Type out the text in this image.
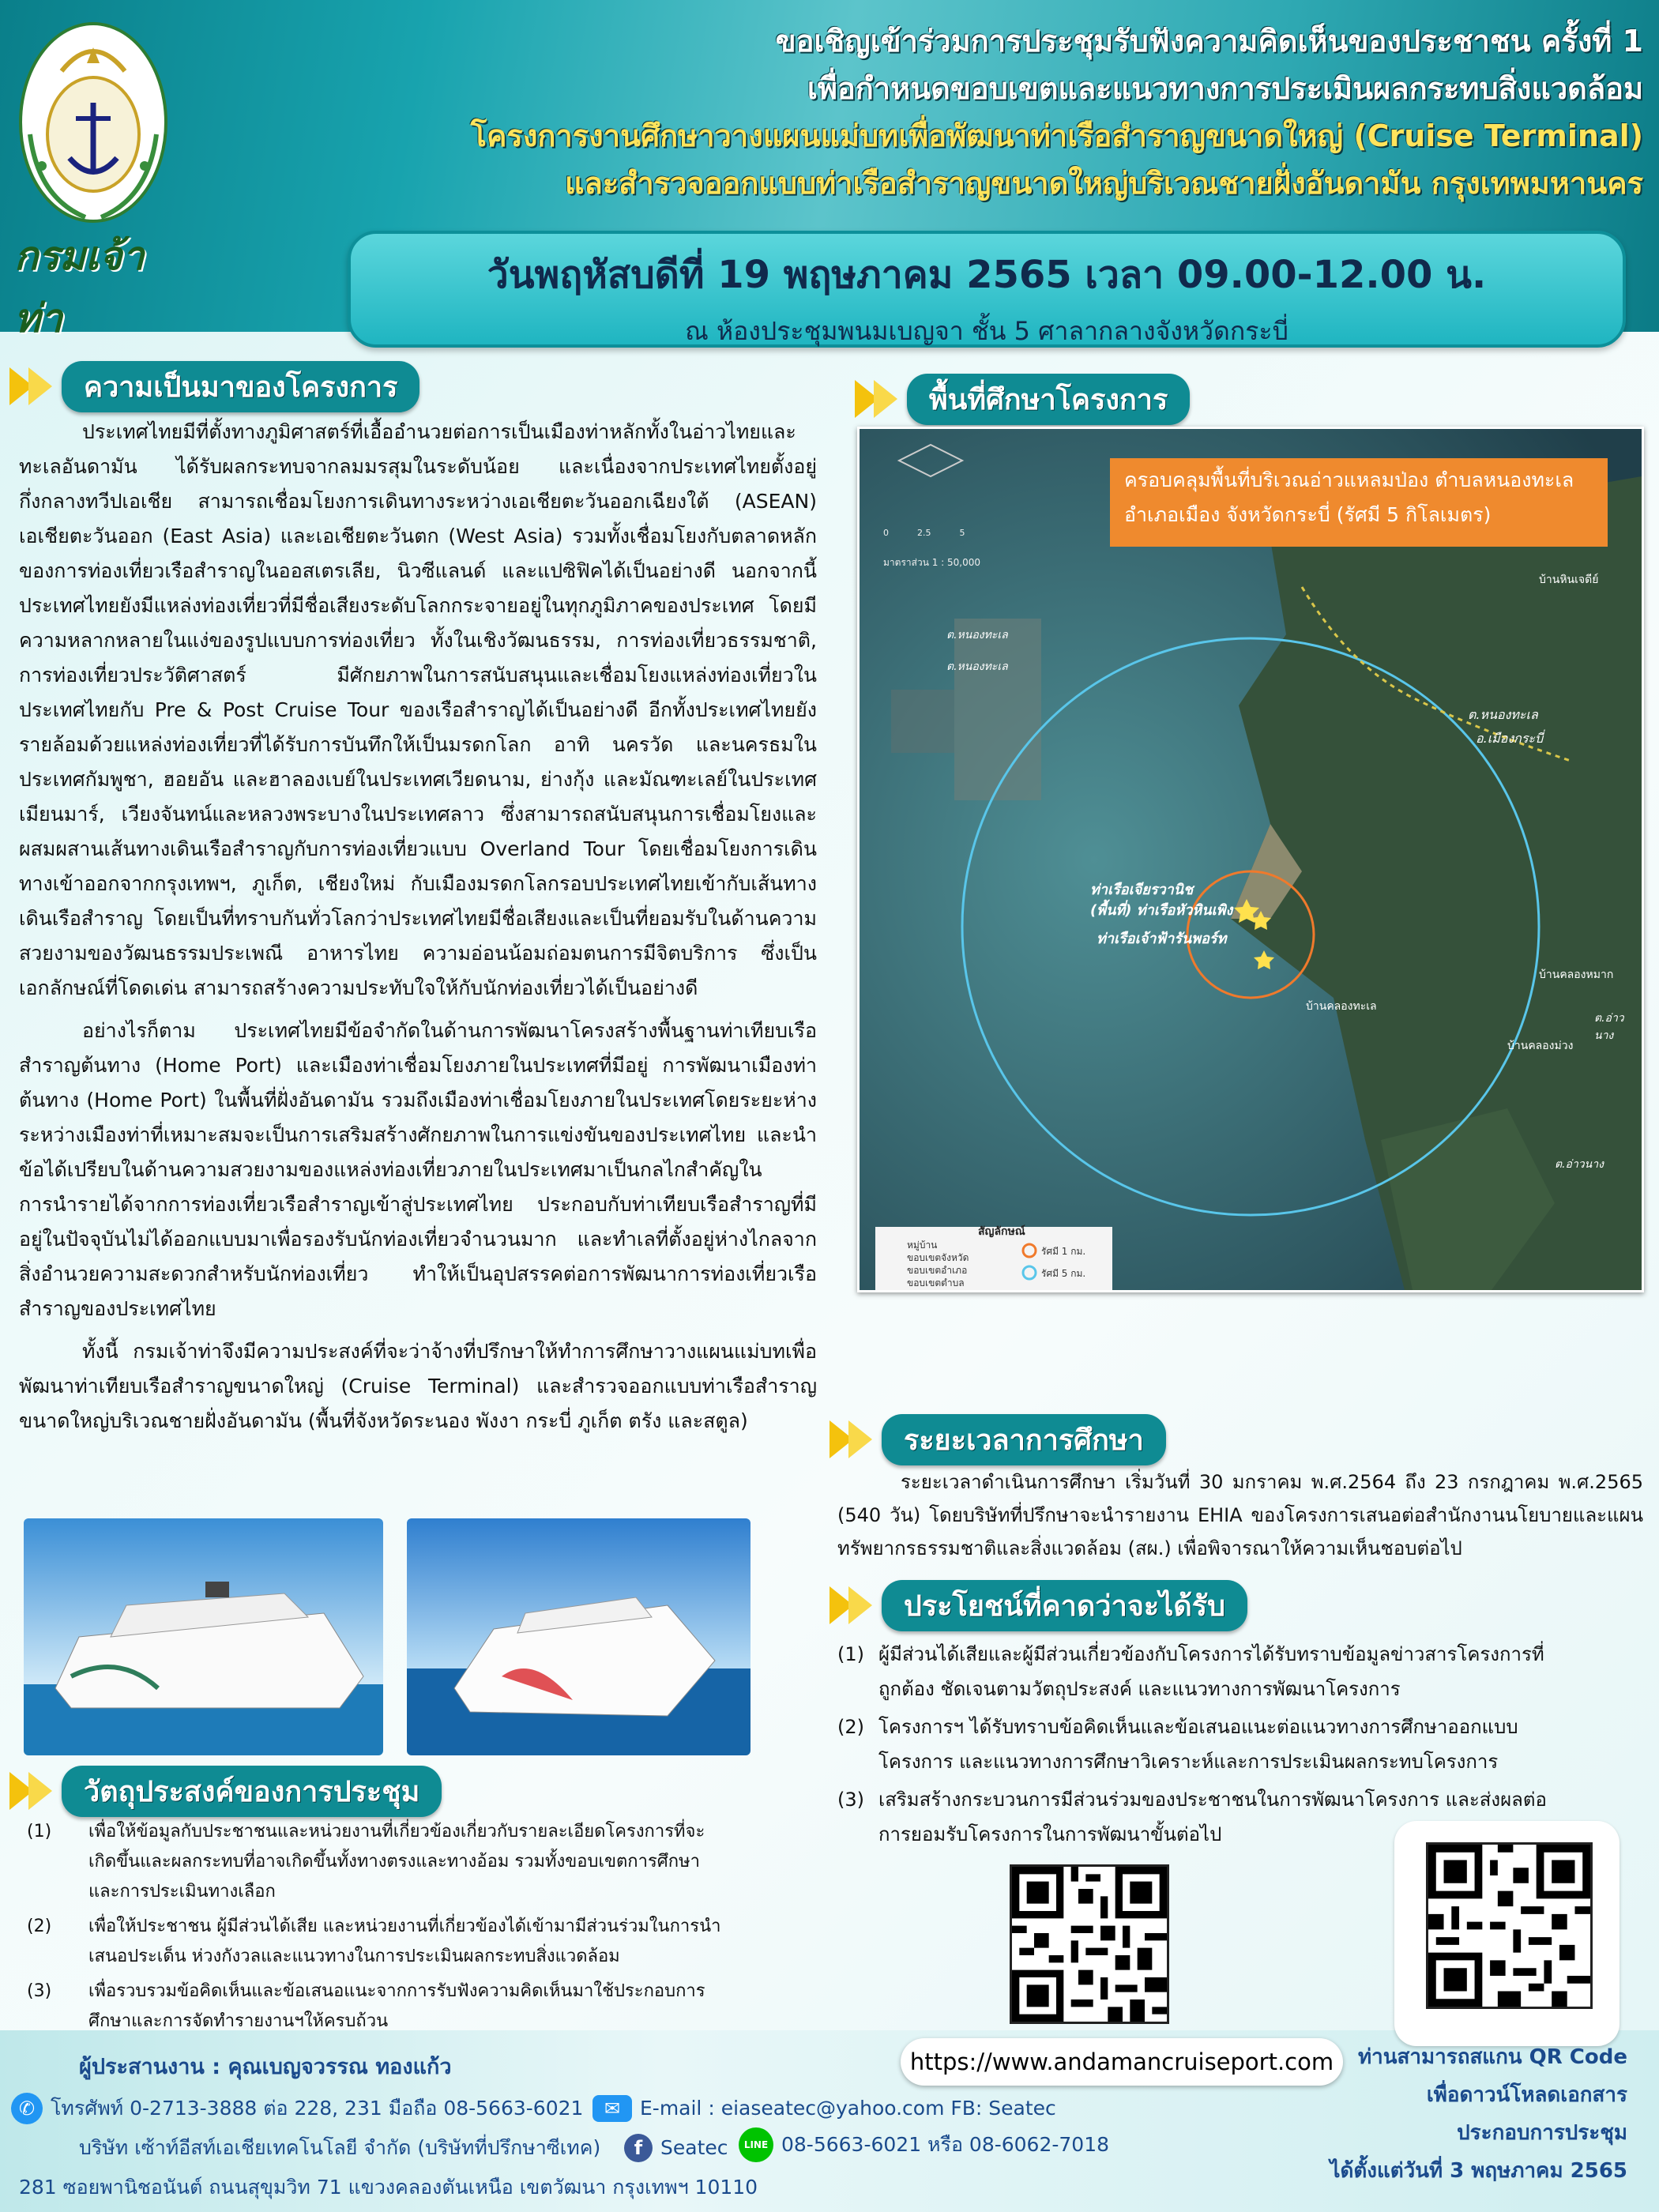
กรมเจ้าท่า
ขอเชิญเข้าร่วมการประชุมรับฟังความคิดเห็นของประชาชน ครั้งที่ 1
เพื่อกำหนดขอบเขตและแนวทางการประเมินผลกระทบสิ่งแวดล้อม
โครงการงานศึกษาวางแผนแม่บทเพื่อพัฒนาท่าเรือสำราญขนาดใหญ่ (Cruise Terminal)
และสำรวจออกแบบท่าเรือสำราญขนาดใหญ่บริเวณชายฝั่งอันดามัน กรุงเทพมหานคร
วันพฤหัสบดีที่ 19 พฤษภาคม 2565 เวลา 09.00-12.00 น.
ณ ห้องประชุมพนมเบญจา ชั้น 5 ศาลากลางจังหวัดกระบี่
ความเป็นมาของโครงการ

ประเทศไทยมีที่ตั้งทางภูมิศาสตร์ที่เอื้ออำนวยต่อการเป็นเมืองท่าหลักทั้งในอ่าวไทยและทะเลอันดามัน ได้รับผลกระทบจากลมมรสุมในระดับน้อย และเนื่องจากประเทศไทยตั้งอยู่กึ่งกลางทวีปเอเชีย สามารถเชื่อมโยงการเดินทางระหว่างเอเชียตะวันออกเฉียงใต้ (ASEAN) เอเชียตะวันออก (East Asia) และเอเชียตะวันตก (West Asia) รวมทั้งเชื่อมโยงกับตลาดหลักของการท่องเที่ยวเรือสำราญในออสเตรเลีย, นิวซีแลนด์ และแปซิฟิคได้เป็นอย่างดี นอกจากนี้ประเทศไทยยังมีแหล่งท่องเที่ยวที่มีชื่อเสียงระดับโลกกระจายอยู่ในทุกภูมิภาคของประเทศ โดยมีความหลากหลายในแง่ของรูปแบบการท่องเที่ยว ทั้งในเชิงวัฒนธรรม, การท่องเที่ยวธรรมชาติ, การท่องเที่ยวประวัติศาสตร์ มีศักยภาพในการสนับสนุนและเชื่อมโยงแหล่งท่องเที่ยวในประเทศไทยกับ Pre & Post Cruise Tour ของเรือสำราญได้เป็นอย่างดี อีกทั้งประเทศไทยยังรายล้อมด้วยแหล่งท่องเที่ยวที่ได้รับการบันทึกให้เป็นมรดกโลก อาทิ นครวัด และนครธมในประเทศกัมพูชา, ฮอยอัน และฮาลองเบย์ในประเทศเวียดนาม, ย่างกุ้ง และมัณฑะเลย์ในประเทศเมียนมาร์, เวียงจันทน์และหลวงพระบางในประเทศลาว ซึ่งสามารถสนับสนุนการเชื่อมโยงและผสมผสานเส้นทางเดินเรือสำราญกับการท่องเที่ยวแบบ Overland Tour โดยเชื่อมโยงการเดินทางเข้าออกจากกรุงเทพฯ, ภูเก็ต, เชียงใหม่ กับเมืองมรดกโลกรอบประเทศไทยเข้ากับเส้นทางเดินเรือสำราญ โดยเป็นที่ทราบกันทั่วโลกว่าประเทศไทยมีชื่อเสียงและเป็นที่ยอมรับในด้านความสวยงามของวัฒนธรรมประเพณี อาหารไทย ความอ่อนน้อมถ่อมตนการมีจิตบริการ ซึ่งเป็นเอกลักษณ์ที่โดดเด่น สามารถสร้างความประทับใจให้กับนักท่องเที่ยวได้เป็นอย่างดี

อย่างไรก็ตาม ประเทศไทยมีข้อจำกัดในด้านการพัฒนาโครงสร้างพื้นฐานท่าเทียบเรือสำราญต้นทาง (Home Port) และเมืองท่าเชื่อมโยงภายในประเทศที่มีอยู่ การพัฒนาเมืองท่าต้นทาง (Home Port) ในพื้นที่ฝั่งอันดามัน รวมถึงเมืองท่าเชื่อมโยงภายในประเทศโดยระยะห่างระหว่างเมืองท่าที่เหมาะสมจะเป็นการเสริมสร้างศักยภาพในการแข่งขันของประเทศไทย และนำข้อได้เปรียบในด้านความสวยงามของแหล่งท่องเที่ยวภายในประเทศมาเป็นกลไกสำคัญในการนำรายได้จากการท่องเที่ยวเรือสำราญเข้าสู่ประเทศไทย ประกอบกับท่าเทียบเรือสำราญที่มีอยู่ในปัจจุบันไม่ได้ออกแบบมาเพื่อรองรับนักท่องเที่ยวจำนวนมาก และทำเลที่ตั้งอยู่ห่างไกลจากสิ่งอำนวยความสะดวกสำหรับนักท่องเที่ยว ทำให้เป็นอุปสรรคต่อการพัฒนาการท่องเที่ยวเรือสำราญของประเทศไทย

ทั้งนี้ กรมเจ้าท่าจึงมีความประสงค์ที่จะว่าจ้างที่ปรึกษาให้ทำการศึกษาวางแผนแม่บทเพื่อพัฒนาท่าเทียบเรือสำราญขนาดใหญ่ (Cruise Terminal) และสำรวจออกแบบท่าเรือสำราญขนาดใหญ่บริเวณชายฝั่งอันดามัน (พื้นที่จังหวัดระนอง พังงา กระบี่ ภูเก็ต ตรัง และสตูล)

วัตถุประสงค์ของการประชุม
(1)	เพื่อให้ข้อมูลกับประชาชนและหน่วยงานที่เกี่ยวข้องเกี่ยวกับรายละเอียดโครงการที่จะเกิดขึ้นและผลกระทบที่อาจเกิดขึ้นทั้งทางตรงและทางอ้อม รวมทั้งขอบเขตการศึกษาและการประเมินทางเลือก
(2)	เพื่อให้ประชาชน ผู้มีส่วนได้เสีย และหน่วยงานที่เกี่ยวข้องได้เข้ามามีส่วนร่วมในการนำเสนอประเด็น ห่วงกังวลและแนวทางในการประเมินผลกระทบสิ่งแวดล้อม
(3)	เพื่อรวบรวมข้อคิดเห็นและข้อเสนอแนะจากการรับฟังความคิดเห็นมาใช้ประกอบการศึกษาและการจัดทำรายงานฯให้ครบถ้วน
พื้นที่ศึกษาโครงการ
สัญลักษณ์
หมู่บ้าน
ขอบเขตจังหวัด
ขอบเขตอำเภอ
ขอบเขตตำบล
รัศมี 1 กม.
รัศมี 5 กม.
มาตราส่วน 1 : 50,000
0	2.5	5
ท่าเรือเจียรวานิช
(พื้นที่) ท่าเรือหัวหินเพิง
ท่าเรือเจ้าฟ้ารันพอร์ท
ต.หนองทะเล
อ.เมืองกระบี่
บ้านหินเจดีย์
บ้านคลองหมาก
บ้านคลองทะเล
บ้านคลองม่วง
ต.หนองทะเล
ต.หนองทะเล
ต.อ่าวนาง
ต.อ่าวนาง
ครอบคลุมพื้นที่บริเวณอ่าวแหลมป่อง ตำบลหนองทะเล
อำเภอเมือง จังหวัดกระบี่ (รัศมี 5 กิโลเมตร)
ระยะเวลาการศึกษา

ระยะเวลาดำเนินการศึกษา เริ่มวันที่ 30 มกราคม พ.ศ.2564 ถึง 23 กรกฎาคม พ.ศ.2565 (540 วัน) โดยบริษัทที่ปรึกษาจะนำรายงาน EHIA ของโครงการเสนอต่อสำนักงานนโยบายและแผนทรัพยากรธรรมชาติและสิ่งแวดล้อม (สผ.) เพื่อพิจารณาให้ความเห็นชอบต่อไป

ประโยชน์ที่คาดว่าจะได้รับ
(1) ผู้มีส่วนได้เสียและผู้มีส่วนเกี่ยวข้องกับโครงการได้รับทราบข้อมูลข่าวสารโครงการที่ถูกต้อง ชัดเจนตามวัตถุประสงค์ และแนวทางการพัฒนาโครงการ
(2) โครงการฯ ได้รับทราบข้อคิดเห็นและข้อเสนอแนะต่อแนวทางการศึกษาออกแบบโครงการ และแนวทางการศึกษาวิเคราะห์และการประเมินผลกระทบโครงการ
(3) เสริมสร้างกระบวนการมีส่วนร่วมของประชาชนในการพัฒนาโครงการ และส่งผลต่อการยอมรับโครงการในการพัฒนาขั้นต่อไป
https://www.andamancruiseport.com	ท่านสามารถสแกน QR Code
เพื่อดาวน์โหลดเอกสาร
ประกอบการประชุม
ได้ตั้งแต่วันที่ 3 พฤษภาคม 2565
ผู้ประสานงาน : คุณเบญจวรรณ ทองแก้ว
✆ โทรศัพท์ 0-2713-3888 ต่อ 228, 231 มือถือ 08-5663-6021	✉ E-mail : eiaseatec@yahoo.com FB: Seatec
บริษัท เซ้าท์อีสท์เอเชียเทคโนโลยี จำกัด (บริษัทที่ปรึกษาซีเทค)	f Seatec	LINE 08-5663-6021 หรือ 08-6062-7018
281 ซอยพานิชอนันต์ ถนนสุขุมวิท 71 แขวงคลองตันเหนือ เขตวัฒนา กรุงเทพฯ 10110
